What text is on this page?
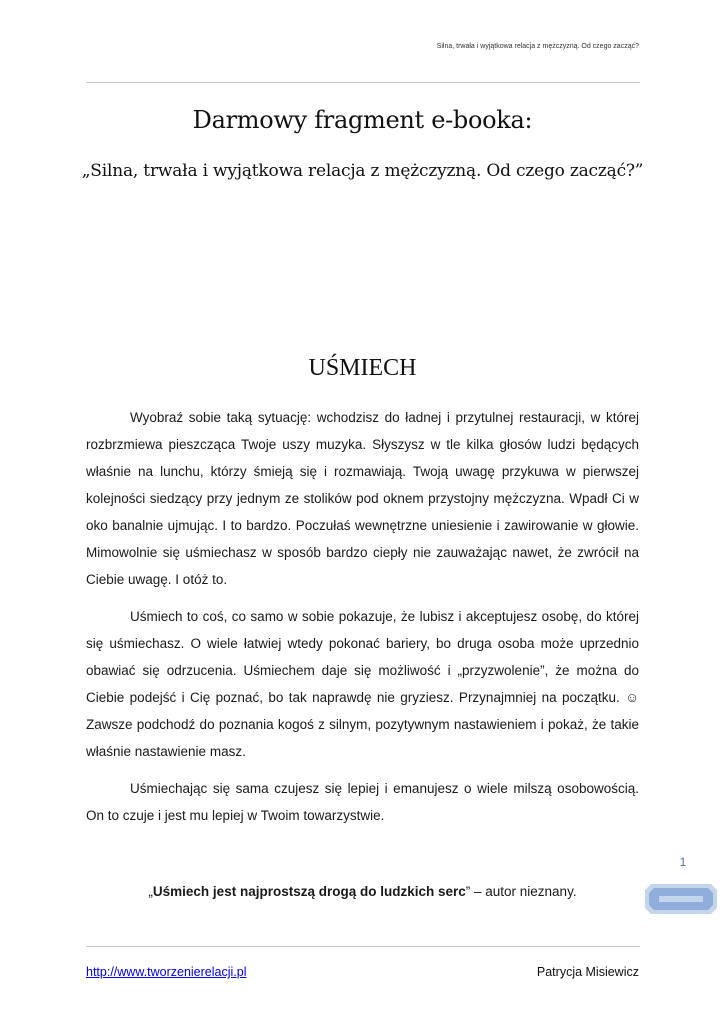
Silna, trwała i wyjątkowa relacja z mężczyzną. Od czego zacząć?
Darmowy fragment e-booka:
„Silna, trwała i wyjątkowa relacja z mężczyzną. Od czego zacząć?”
UŚMIECH

Wyobraź sobie taką sytuację: wchodzisz do ładnej i przytulnej restauracji, w której rozbrzmiewa pieszcząca Twoje uszy muzyka. Słyszysz w tle kilka głosów ludzi będących właśnie na lunchu, którzy śmieją się i rozmawiają. Twoją uwagę przykuwa w pierwszej kolejności siedzący przy jednym ze stolików pod oknem przystojny mężczyzna. Wpadł Ci w oko banalnie ujmując. I to bardzo. Poczułaś wewnętrzne uniesienie i zawirowanie w głowie. Mimowolnie się uśmiechasz w sposób bardzo ciepły nie zauważając nawet, że zwrócił na Ciebie uwagę. I otóż to.

Uśmiech to coś, co samo w sobie pokazuje, że lubisz i akceptujesz osobę, do której się uśmiechasz. O wiele łatwiej wtedy pokonać bariery, bo druga osoba może uprzednio obawiać się odrzucenia. Uśmiechem daje się możliwość i „przyzwolenie”, że można do Ciebie podejść i Cię poznać, bo tak naprawdę nie gryziesz. Przynajmniej na początku. ☺ Zawsze podchodź do poznania kogoś z silnym, pozytywnym nastawieniem i pokaż, że takie właśnie nastawienie masz.

Uśmiechając się sama czujesz się lepiej i emanujesz o wiele milszą osobowością. On to czuje i jest mu lepiej w Twoim towarzystwie.

1
„Uśmiech jest najprostszą drogą do ludzkich serc” – autor nieznany.
http://www.tworzenierelacji.pl	Patrycja Misiewicz
